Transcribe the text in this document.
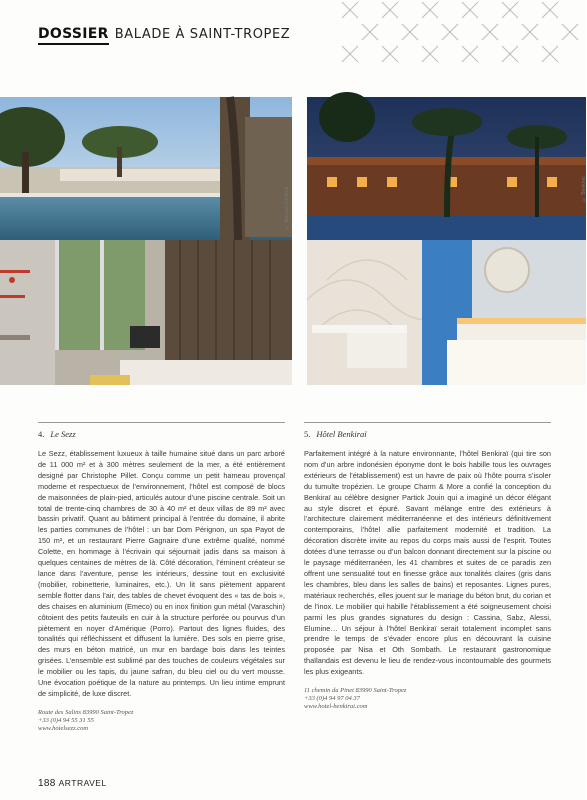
DOSSIER BALADE À SAINT-TROPEZ
© Manuel Zublena	© Benkiraï
4. Le Sezz

Le Sezz, établissement luxueux à taille humaine situé dans un parc arboré de 11 000 m² et à 300 mètres seulement de la mer, a été entièrement designé par Christophe Pillet. Conçu comme un petit hameau provençal moderne et respectueux de l’environnement, l’hôtel est composé de blocs de maisonnées de plain-pied, articulés autour d’une piscine centrale. Soit un total de trente-cinq chambres de 30 à 40 m² et deux villas de 89 m² avec bassin privatif. Quant au bâtiment principal à l’entrée du domaine, il abrite les parties communes de l’hôtel : un bar Dom Pérignon, un spa Payot de 150 m², et un restaurant Pierre Gagnaire d’une extrême qualité, nommé Colette, en hommage à l’écrivain qui séjournait jadis dans sa maison à quelques centaines de mètres de là. Côté décoration, l’éminent créateur se lance dans l’aventure, pense les intérieurs, dessine tout en exclusivité (mobilier, robinetterie, luminaires, etc.). Un lit sans piètement apparent semble flotter dans l’air, des tables de chevet évoquent des « tas de bois », des chaises en aluminium (Emeco) ou en inox finition gun métal (Varaschin) côtoient des petits fauteuils en cuir à la structure perforée ou pourvus d’un piètement en noyer d’Amérique (Porro). Partout des lignes fluides, des tonalités qui réfléchissent et diffusent la lumière. Des sols en pierre grise, des murs en béton matricé, un mur en bardage bois dans les teintes grisées. L’ensemble est sublimé par des touches de couleurs végétales sur le mobilier ou les tapis, du jaune safran, du bleu ciel ou du vert mousse. Une évocation poétique de la nature au printemps. Un lieu intime emprunt de simplicité, de luxe discret.

Route des Salins 83990 Saint-Tropez
+33 (0)4 94 55 31 55
www.hotelsezz.com
5. Hôtel Benkiraï

Parfaitement intégré à la nature environnante, l’hôtel Benkiraï (qui tire son nom d’un arbre indonésien éponyme dont le bois habille tous les ouvrages extérieurs de l’établissement) est un havre de paix où l’hôte pourra s’isoler du tumulte tropézien. Le groupe Charm & More a confié la conception du Benkiraï au célèbre designer Partick Jouin qui a imaginé un décor élégant au style discret et épuré. Savant mélange entre des extérieurs à l’architecture clairement méditerranéenne et des intérieurs définitivement contemporains, l’hôtel allie parfaitement modernité et tradition. La décoration discrète invite au repos du corps mais aussi de l’esprit. Toutes dotées d’une terrasse ou d’un balcon donnant directement sur la piscine ou le paysage méditerranéen, les 41 chambres et suites de ce paradis zen offrent une sensualité tout en finesse grâce aux tonalités claires (gris dans les chambres, bleu dans les salles de bains) et reposantes. Lignes pures, matériaux recherchés, elles jouent sur le mariage du béton brut, du corian et de l’inox. Le mobilier qui habille l’établissement a été soigneusement choisi parmi les plus grandes signatures du design : Cassina, Sabz, Alessi, Elumine… Un séjour à l’hôtel Benkiraï serait totalement incomplet sans prendre le temps de s’évader encore plus en découvrant la cuisine proposée par Nisa et Oth Sombath. Le restaurant gastronomique thaïlandais est devenu le lieu de rendez-vous incontournable des gourmets les plus exigeants.

11 chemin du Pinet 83990 Saint-Tropez
+33 (0)4 94 97 04 37
www.hotel-benkirai.com
188 ARTRAVEL
